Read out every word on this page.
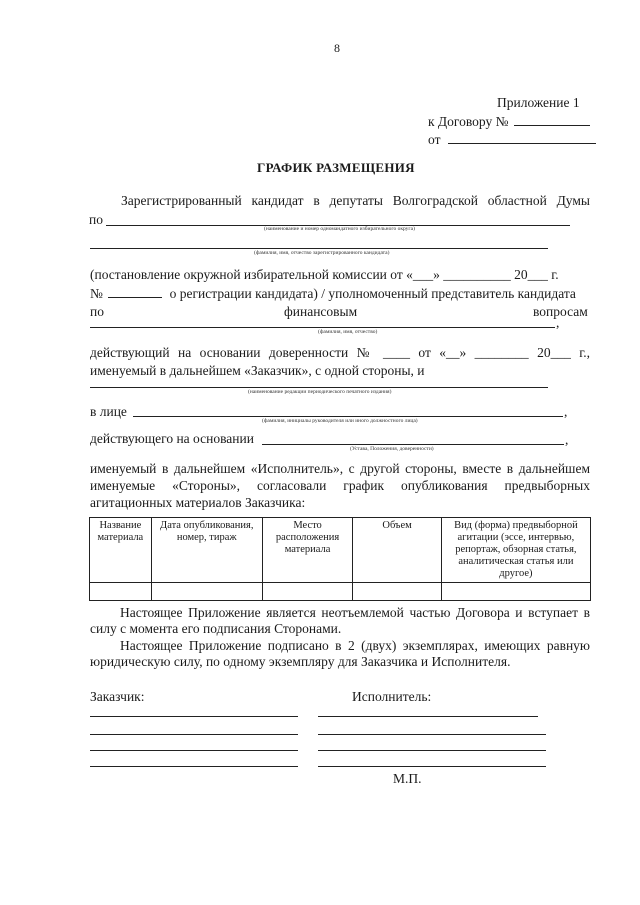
8
Приложение 1
к Договору №
от
ГРАФИК РАЗМЕЩЕНИЯ
Зарегистрированный кандидат в депутаты Волгоградской областной Думы
по
(наименование и номер одномандатного избирательного округа)
(фамилия, имя, отчество зарегистрированного кандидата)
(постановление окружной избирательной комиссии от «___» __________ 20___ г.
№	о регистрации кандидата) / уполномоченный представитель кандидата
по	финансовым	вопросам
,
(фамилия, имя, отчество)
действующий на основании доверенности № ____ от «__» ________ 20___ г.,
именуемый в дальнейшем «Заказчик», с одной стороны, и
(наименование редакции периодического печатного издания)
в лице	,
(фамилия, инициалы руководителя или иного должностного лица)
действующего на основании	,
(Устава, Положения, доверенности)
именуемый в дальнейшем «Исполнитель», с другой стороны, вместе в дальнейшем именуемые «Стороны», согласовали график опубликования предвыборных агитационных материалов Заказчика:
Название материала	Дата опубликования, номер, тираж	Место расположения материала	Объем	Вид (форма) предвыборной агитации (эссе, интервью, репортаж, обзорная статья, аналитическая статья или другое)

Настоящее Приложение является неотъемлемой частью Договора и вступает в силу с момента его подписания Сторонами.
Настоящее Приложение подписано в 2 (двух) экземплярах, имеющих равную юридическую силу, по одному экземпляру для Заказчика и Исполнителя.
Заказчик:	Исполнитель:
М.П.
